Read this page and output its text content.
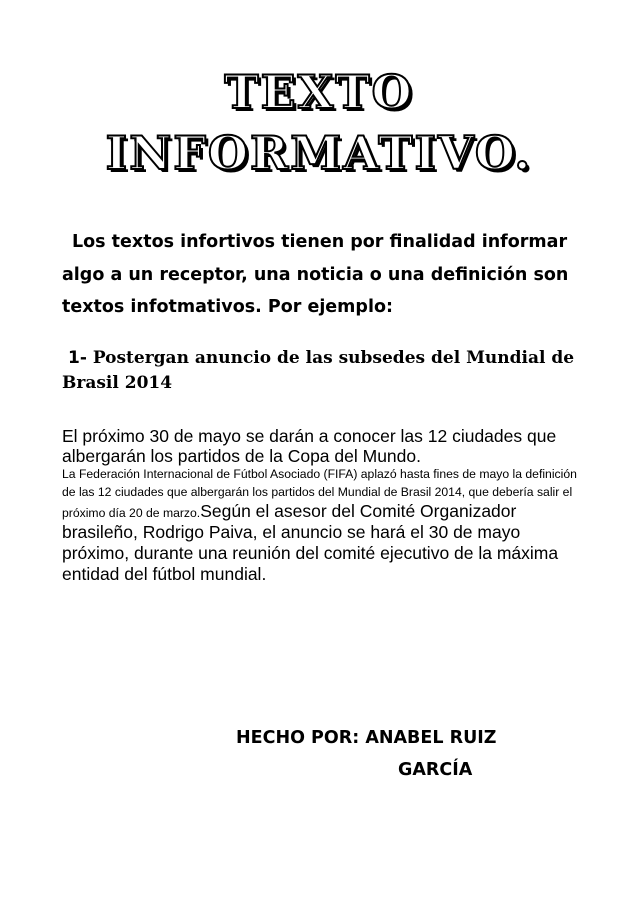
TEXTO
INFORMATIVO.

Los textos infortivos tienen por finalidad informar algo a un receptor, una noticia o una definición son textos infotmativos. Por ejemplo:

1- Postergan anuncio de las subsedes del Mundial de Brasil 2014

El próximo 30 de mayo se darán a conocer las 12 ciudades que albergarán los partidos de la Copa del Mundo.

La Federación Internacional de Fútbol Asociado (FIFA) aplazó hasta fines de mayo la definición de las 12 ciudades que albergarán los partidos del Mundial de Brasil 2014, que debería salir el próximo día 20 de marzo.Según el asesor del Comité Organizador brasileño, Rodrigo Paiva, el anuncio se hará el 30 de mayo próximo, durante una reunión del comité ejecutivo de la máxima entidad del fútbol mundial.

HECHO POR: ANABEL RUIZ
GARCÍA
